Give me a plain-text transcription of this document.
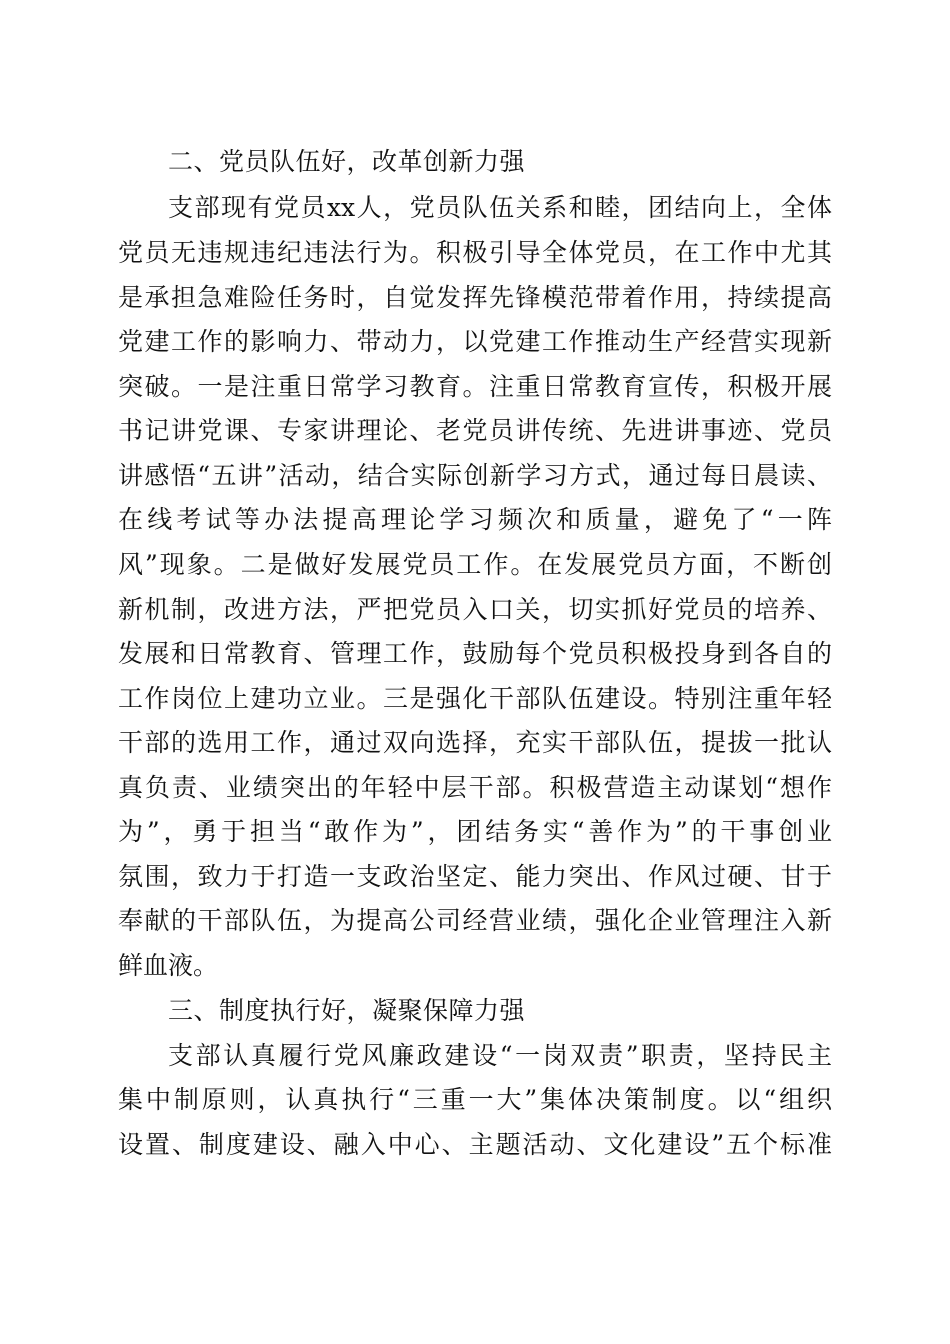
二、党员队伍好，改革创新力强
支部现有党员xx人，党员队伍关系和睦，团结向上，全体
党员无违规违纪违法行为。积极引导全体党员，在工作中尤其
是承担急难险任务时，自觉发挥先锋模范带着作用，持续提高
党建工作的影响力、带动力，以党建工作推动生产经营实现新
突破。一是注重日常学习教育。注重日常教育宣传，积极开展
书记讲党课、专家讲理论、老党员讲传统、先进讲事迹、党员
讲感悟“五讲”活动，结合实际创新学习方式，通过每日晨读、
在线考试等办法提高理论学习频次和质量，避免了“一阵
风”现象。二是做好发展党员工作。在发展党员方面，不断创
新机制，改进方法，严把党员入口关，切实抓好党员的培养、
发展和日常教育、管理工作，鼓励每个党员积极投身到各自的
工作岗位上建功立业。三是强化干部队伍建设。特别注重年轻
干部的选用工作，通过双向选择，充实干部队伍，提拔一批认
真负责、业绩突出的年轻中层干部。积极营造主动谋划“想作
为”，勇于担当“敢作为”，团结务实“善作为”的干事创业
氛围，致力于打造一支政治坚定、能力突出、作风过硬、甘于
奉献的干部队伍，为提高公司经营业绩，强化企业管理注入新
鲜血液。
三、制度执行好，凝聚保障力强
支部认真履行党风廉政建设“一岗双责”职责，坚持民主
集中制原则，认真执行“三重一大”集体决策制度。以“组织
设置、制度建设、融入中心、主题活动、文化建设”五个标准
